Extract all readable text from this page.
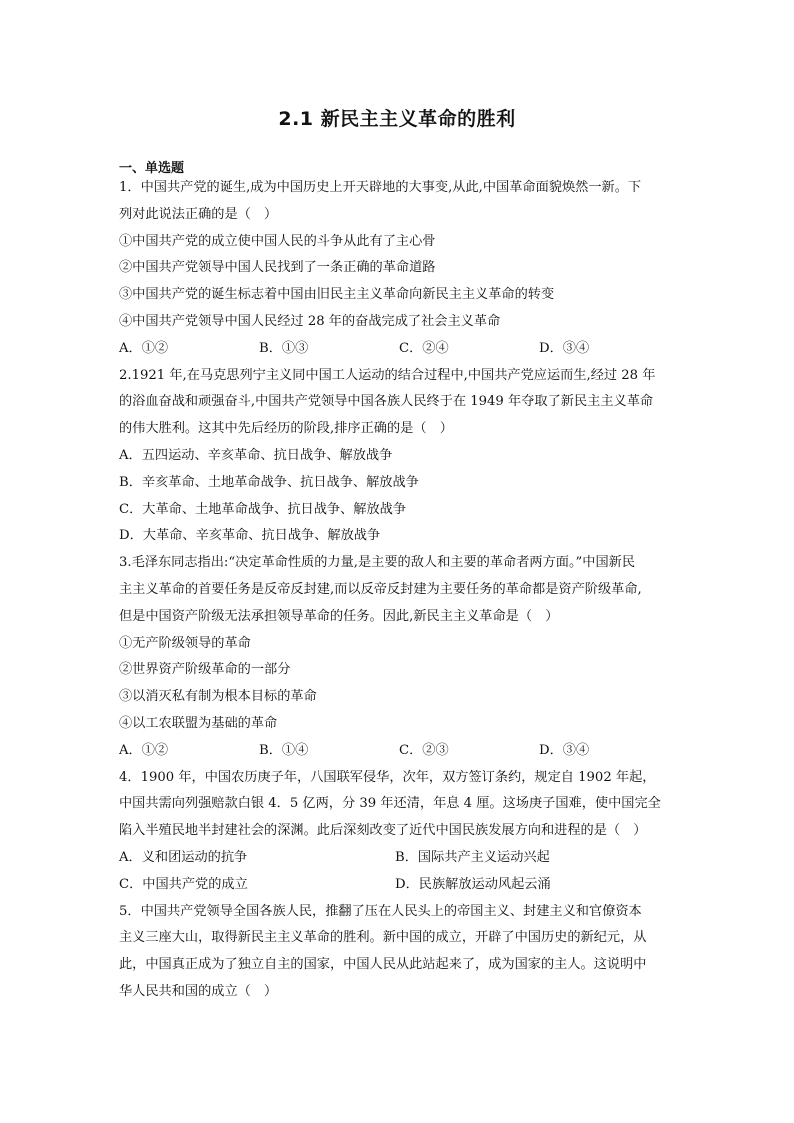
2.1 新民主主义革命的胜利
一、单选题
1．中国共产党的诞生,成为中国历史上开天辟地的大事变,从此,中国革命面貌焕然一新。下
列对此说法正确的是（　）
①中国共产党的成立使中国人民的斗争从此有了主心骨
②中国共产党领导中国人民找到了一条正确的革命道路
③中国共产党的诞生标志着中国由旧民主主义革命向新民主主义革命的转变
④中国共产党领导中国人民经过 28 年的奋战完成了社会主义革命
A．①②	B．①③	C．②④	D．③④
2.1921 年,在马克思列宁主义同中国工人运动的结合过程中,中国共产党应运而生,经过 28 年
的浴血奋战和顽强奋斗,中国共产党领导中国各族人民终于在 1949 年夺取了新民主主义革命
的伟大胜利。这其中先后经历的阶段,排序正确的是（　）
A．五四运动、辛亥革命、抗日战争、解放战争
B．辛亥革命、土地革命战争、抗日战争、解放战争
C．大革命、土地革命战争、抗日战争、解放战争
D．大革命、辛亥革命、抗日战争、解放战争
3.毛泽东同志指出:“决定革命性质的力量,是主要的敌人和主要的革命者两方面。”中国新民
主主义革命的首要任务是反帝反封建,而以反帝反封建为主要任务的革命都是资产阶级革命,
但是中国资产阶级无法承担领导革命的任务。因此,新民主主义革命是（　）
①无产阶级领导的革命
②世界资产阶级革命的一部分
③以消灭私有制为根本目标的革命
④以工农联盟为基础的革命
A．①②	B．①④	C．②③	D．③④
4．1900 年，中国农历庚子年，八国联军侵华，次年，双方签订条约，规定自 1902 年起，
中国共需向列强赔款白银 4．5 亿两，分 39 年还清，年息 4 厘。这场庚子国难，使中国完全
陷入半殖民地半封建社会的深渊。此后深刻改变了近代中国民族发展方向和进程的是（　）
A．义和团运动的抗争	B．国际共产主义运动兴起
C．中国共产党的成立	D．民族解放运动风起云涌
5．中国共产党领导全国各族人民，推翻了压在人民头上的帝国主义、封建主义和官僚资本
主义三座大山，取得新民主主义革命的胜利。新中国的成立，开辟了中国历史的新纪元，从
此，中国真正成为了独立自主的国家，中国人民从此站起来了，成为国家的主人。这说明中
华人民共和国的成立（　）
